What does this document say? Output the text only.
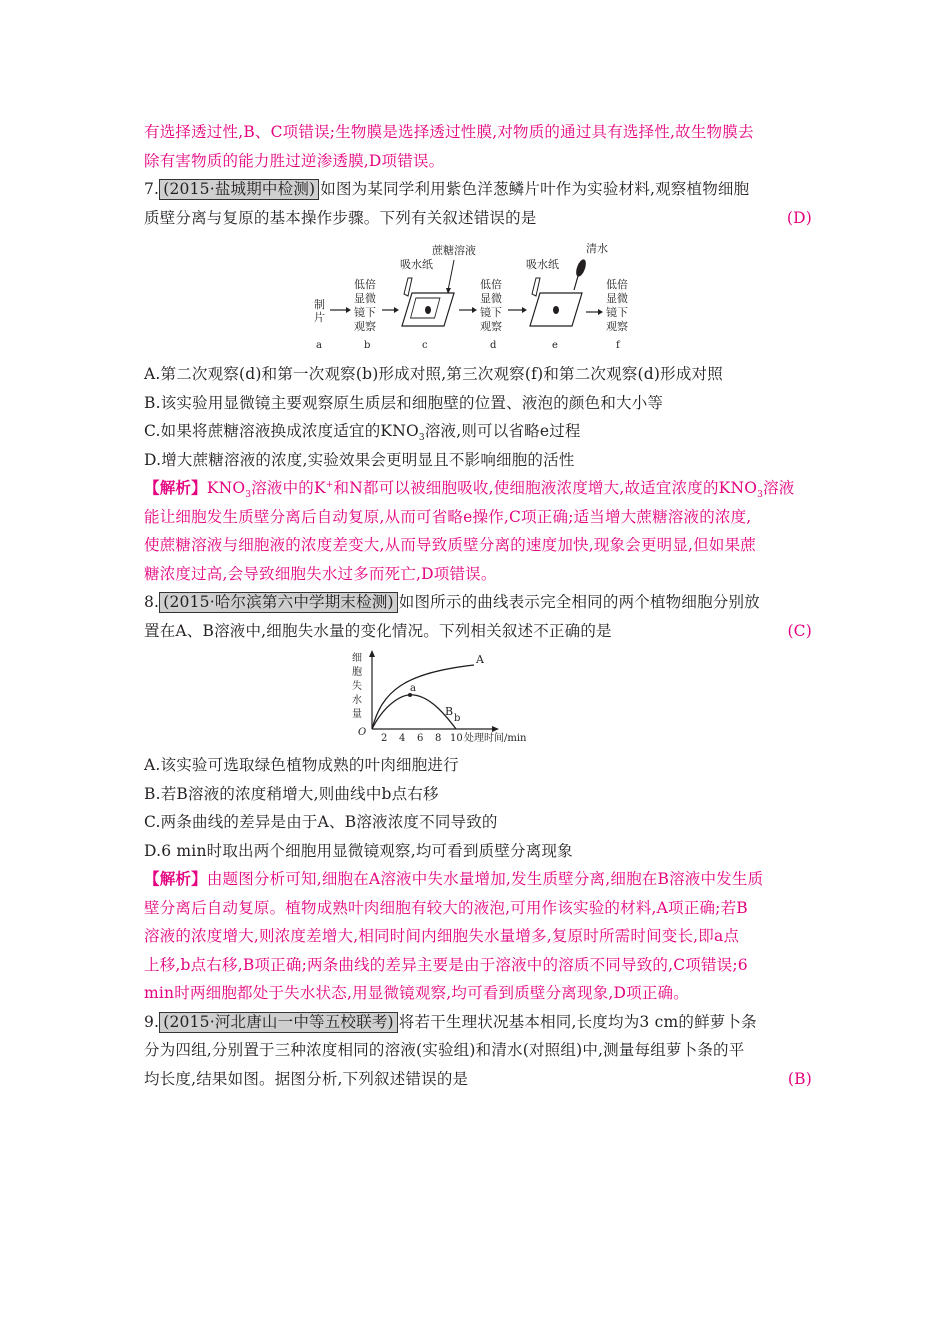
有选择透过性,B、C项错误;生物膜是选择透过性膜,对物质的通过具有选择性,故生物膜去
除有害物质的能力胜过逆渗透膜,D项错误。
7. (2015·盐城期中检测) 如图为某同学利用紫色洋葱鳞片叶作为实验材料,观察植物细胞
质壁分离与复原的基本操作步骤。下列有关叙述错误的是	(D)
制
片
低倍
显微
镜下
观察
吸水纸
蔗糖溶液
低倍
显微
镜下
观察
吸水纸
清水
低倍
显微
镜下
观察
a	b	c	d	e	f
A.第二次观察(d)和第一次观察(b)形成对照,第三次观察(f)和第二次观察(d)形成对照
B.该实验用显微镜主要观察原生质层和细胞壁的位置、液泡的颜色和大小等
C.如果将蔗糖溶液换成浓度适宜的$KNO_3$溶液,则可以省略e过程
D.增大蔗糖溶液的浓度,实验效果会更明显且不影响细胞的活性
【解析】$KNO_3$溶液中的K+和N都可以被细胞吸收,使细胞液浓度增大,故适宜浓度的$KNO_3$溶液
能让细胞发生质壁分离后自动复原,从而可省略e操作,C项正确;适当增大蔗糖溶液的浓度,
使蔗糖溶液与细胞液的浓度差变大,从而导致质壁分离的速度加快,现象会更明显,但如果蔗
糖浓度过高,会导致细胞失水过多而死亡,D项错误。
8. (2015·哈尔滨第六中学期末检测) 如图所示的曲线表示完全相同的两个植物细胞分别放
置在A、B溶液中,细胞失水量的变化情况。下列相关叙述不正确的是	(C)
细
胞
失
水
量
O
2 4 6 8 10 处理时间/min
A
a
B
b
A.该实验可选取绿色植物成熟的叶肉细胞进行
B.若B溶液的浓度稍增大,则曲线中b点右移
C.两条曲线的差异是由于A、B溶液浓度不同导致的
D.6 min时取出两个细胞用显微镜观察,均可看到质壁分离现象
【解析】由题图分析可知,细胞在A溶液中失水量增加,发生质壁分离,细胞在B溶液中发生质
壁分离后自动复原。植物成熟叶肉细胞有较大的液泡,可用作该实验的材料,A项正确;若B
溶液的浓度增大,则浓度差增大,相同时间内细胞失水量增多,复原时所需时间变长,即a点
上移,b点右移,B项正确;两条曲线的差异主要是由于溶液中的溶质不同导致的,C项错误;6
min时两细胞都处于失水状态,用显微镜观察,均可看到质壁分离现象,D项正确。
9. (2015·河北唐山一中等五校联考) 将若干生理状况基本相同,长度均为3 cm的鲜萝卜条
分为四组,分别置于三种浓度相同的溶液(实验组)和清水(对照组)中,测量每组萝卜条的平
均长度,结果如图。据图分析,下列叙述错误的是	(B)
